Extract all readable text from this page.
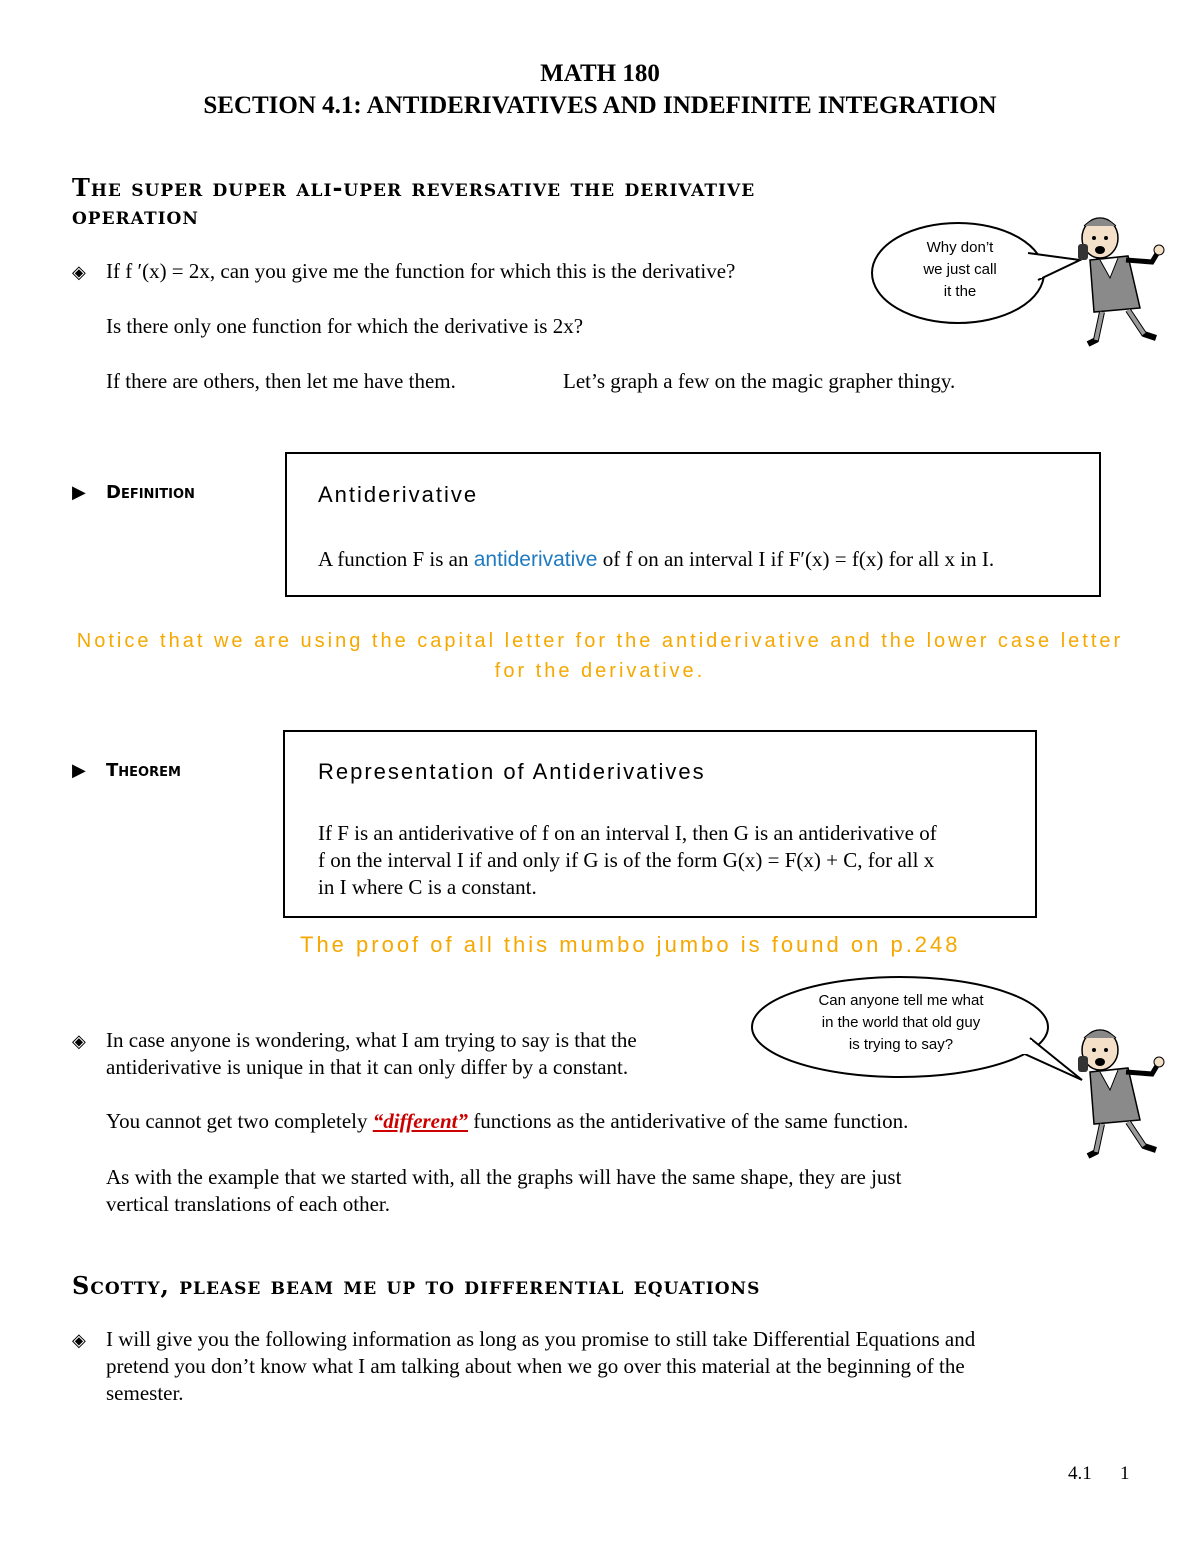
MATH 180
SECTION 4.1: ANTIDERIVATIVES AND INDEFINITE INTEGRATION
The super duper ali-uper reversative the derivative
operation
◈ If f ′(x) = 2x, can you give me the function for which this is the derivative?
Is there only one function for which the derivative is 2x?
If there are others, then let me have them.	Let’s graph a few on the magic grapher thingy.
Why don’t
we just call
it the
▶ Definition	Antiderivative
A function F is an antiderivative of f on an interval I if F′(x) = f(x) for all x in I.
Notice that we are using the capital letter for the antiderivative and the lower case letter
for the derivative.
▶ Theorem	Representation of Antiderivatives
If F is an antiderivative of f on an interval I, then G is an antiderivative of
f on the interval I if and only if G is of the form G(x) = F(x) + C, for all x
in I where C is a constant.
The proof of all this mumbo jumbo is found on p.248
Can anyone tell me what
in the world that old guy
is trying to say?
◈ In case anyone is wondering, what I am trying to say is that the
antiderivative is unique in that it can only differ by a constant.
You cannot get two completely “different” functions as the antiderivative of the same function.
As with the example that we started with, all the graphs will have the same shape, they are just
vertical translations of each other.
Scotty, please beam me up to differential equations
◈ I will give you the following information as long as you promise to still take Differential Equations and
pretend you don’t know what I am talking about when we go over this material at the beginning of the
semester.
4.1 1
